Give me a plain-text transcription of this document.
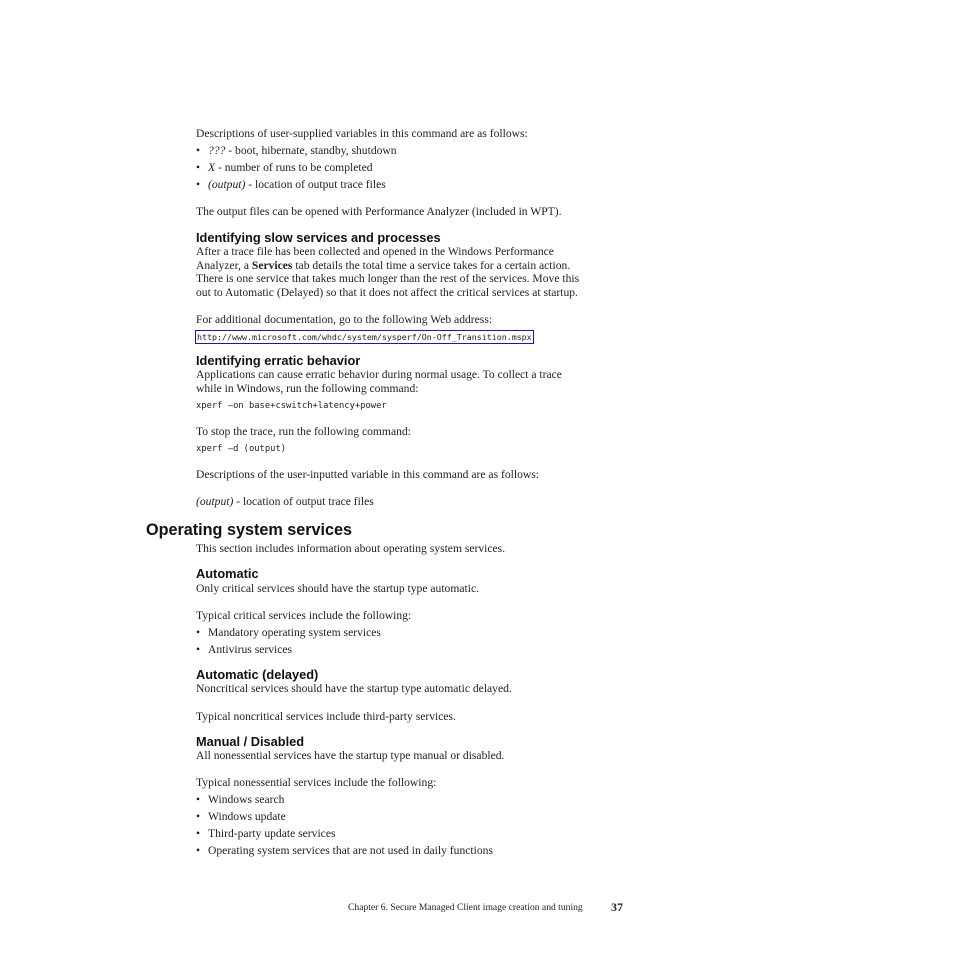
Descriptions of user-supplied variables in this command are as follows:

• ??? - boot, hibernate, standby, shutdown

• X - number of runs to be completed

• (output) - location of output trace files

The output files can be opened with Performance Analyzer (included in WPT).

Identifying slow services and processes

After a trace file has been collected and opened in the Windows Performance

Analyzer, a Services tab details the total time a service takes for a certain action.

There is one service that takes much longer than the rest of the services. Move this

out to Automatic (Delayed) so that it does not affect the critical services at startup.

For additional documentation, go to the following Web address:

http://www.microsoft.com/whdc/system/sysperf/On-Off_Transition.mspx
Identifying erratic behavior

Applications can cause erratic behavior during normal usage. To collect a trace

while in Windows, run the following command:

xperf –on base+cswitch+latency+power

To stop the trace, run the following command:

xperf –d (output)

Descriptions of the user-inputted variable in this command are as follows:

(output) - location of output trace files

Operating system services

This section includes information about operating system services.

Automatic

Only critical services should have the startup type automatic.

Typical critical services include the following:

• Mandatory operating system services

• Antivirus services

Automatic (delayed)

Noncritical services should have the startup type automatic delayed.

Typical noncritical services include third-party services.

Manual / Disabled

All nonessential services have the startup type manual or disabled.

Typical nonessential services include the following:

• Windows search

• Windows update

• Third-party update services

• Operating system services that are not used in daily functions

Chapter 6. Secure Managed Client image creation and tuning 37
